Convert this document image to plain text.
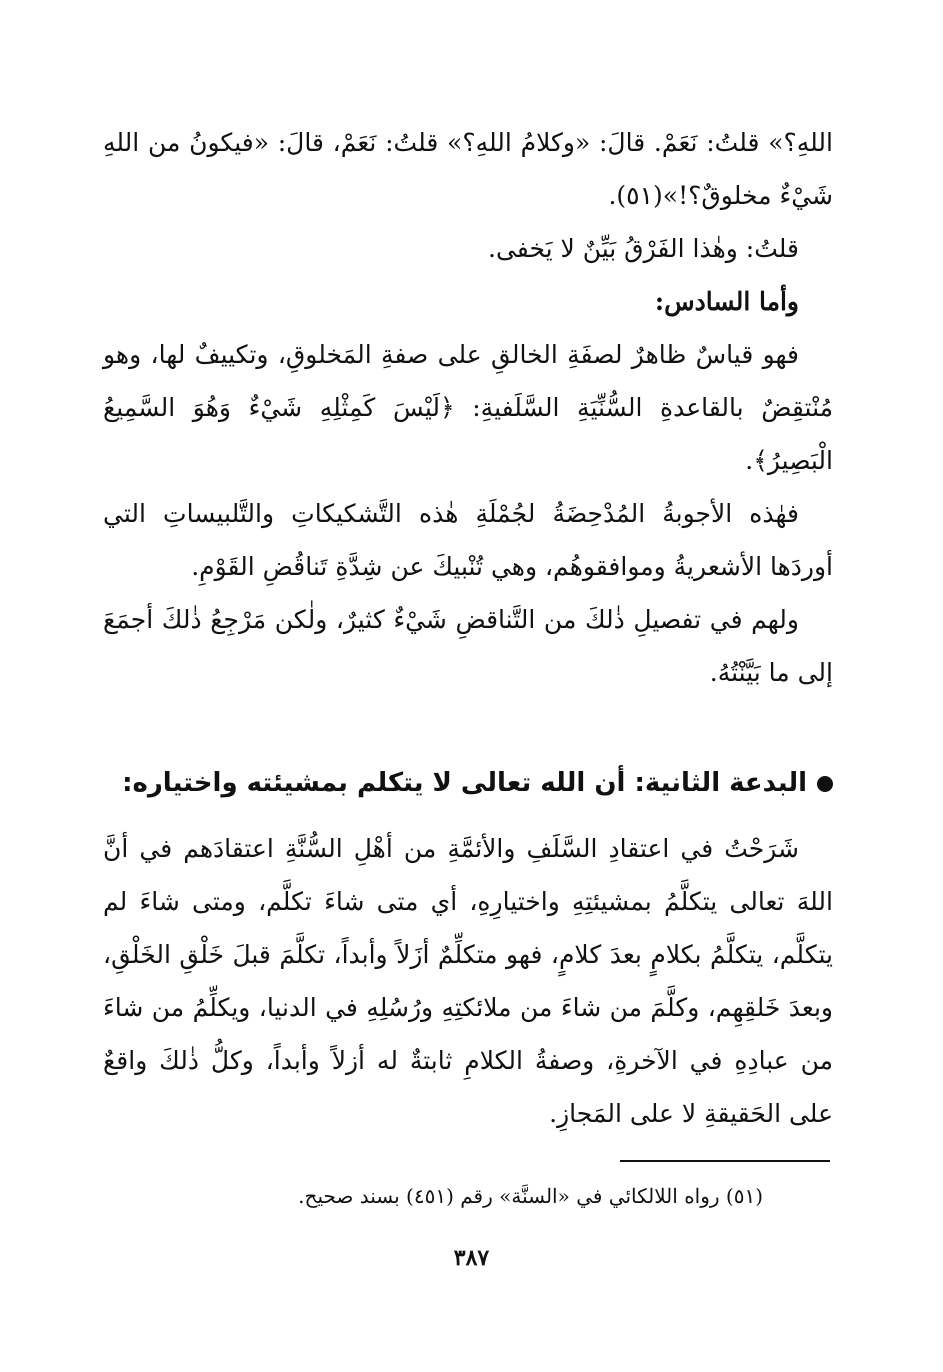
اللهِ؟» قلتُ: نَعَمْ. قالَ: «وكلامُ اللهِ؟» قلتُ: نَعَمْ، قالَ: «فيكونُ من اللهِ شَيْءٌ مخلوقٌ؟!»(٥١).

قلتُ: وهٰذا الفَرْقُ بَيِّنٌ لا يَخفى.

وأما السادس:

فهو قياسٌ ظاهرٌ لصفَةِ الخالقِ على صفةِ المَخلوقِ، وتكييفٌ لها، وهو مُنْتقِضٌ بالقاعدةِ السُّنِّيَةِ السَّلَفيةِ: ﴿لَيْسَ كَمِثْلِهِ شَيْءٌ وَهُوَ السَّمِيعُ الْبَصِيرُ﴾.

فهٰذه الأجوبةُ المُدْحِضَةُ لجُمْلَةِ هٰذه التَّشكيكاتِ والتَّلبيساتِ التي أوردَها الأشعريةُ وموافقوهُم، وهي تُنْبيكَ عن شِدَّةِ تَناقُضِ القَوْمِ.

ولهم في تفصيلِ ذٰلكَ من التَّناقضِ شَيْءٌ كثيرٌ، ولٰكن مَرْجِعُ ذٰلكَ أجمَعَ إلى ما بَيَّنْتُهُ.

البدعة الثانية: أن الله تعالى لا يتكلم بمشيئته واختياره:

شَرَحْتُ في اعتقادِ السَّلَفِ والأئمَّةِ من أهْلِ السُّنَّةِ اعتقادَهم في أنَّ اللهَ تعالى يتكلَّمُ بمشيئتِهِ واختيارِهِ، أي متى شاءَ تكلَّم، ومتى شاءَ لم يتكلَّم، يتكلَّمُ بكلامٍ بعدَ كلامٍ، فهو متكلِّمٌ أزَلاً وأبداً، تكلَّمَ قبلَ خَلْقِ الخَلْقِ، وبعدَ خَلقِهِم، وكلَّمَ من شاءَ من ملائكتِهِ ورُسُلِهِ في الدنيا، ويكلِّمُ من شاءَ من عبادِهِ في الآخرةِ، وصفةُ الكلامِ ثابتةٌ له أزلاً وأبداً، وكلُّ ذٰلكَ واقعٌ على الحَقيقةِ لا على المَجازِ.

(٥١) رواه اللالكائي في «السنَّة» رقم (٤٥١) بسند صحيح.
٣٨٧
